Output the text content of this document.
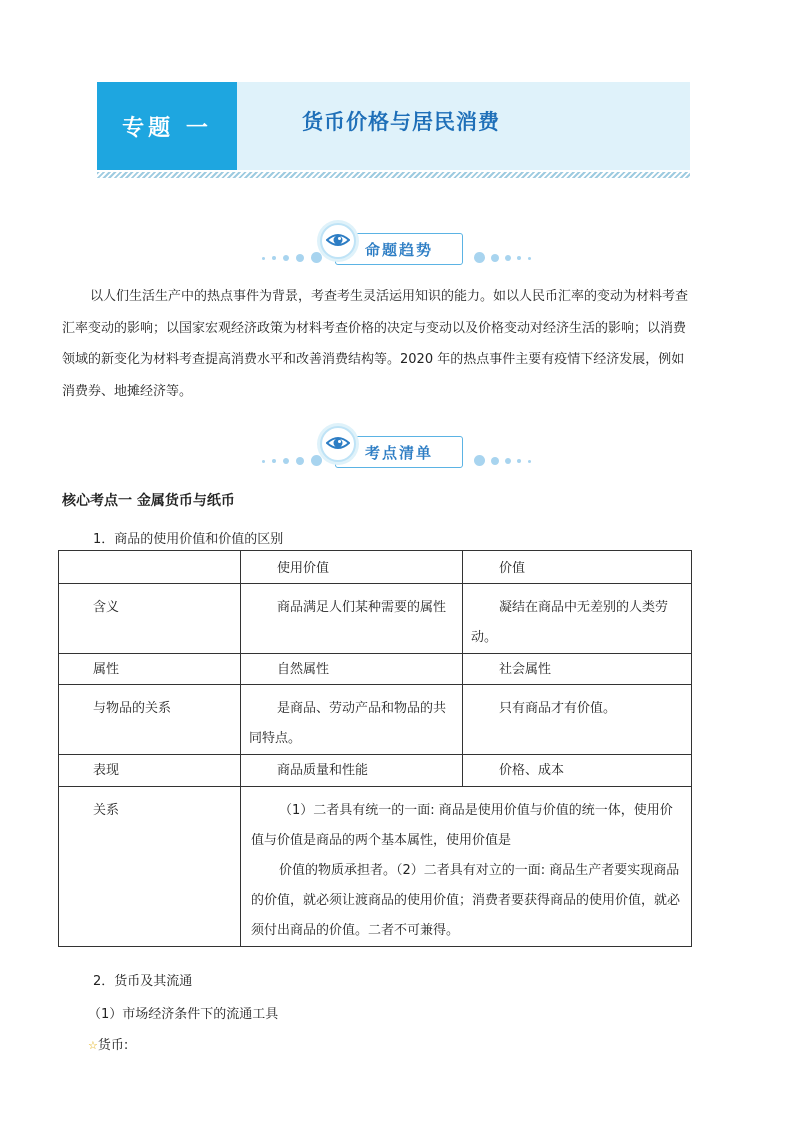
专题 一	货币价格与居民消费
命题趋势

以人们生活生产中的热点事件为背景，考查考生灵活运用知识的能力。如以人民币汇率的变动为材料考查

汇率变动的影响；以国家宏观经济政策为材料考查价格的决定与变动以及价格变动对经济生活的影响；以消费

领域的新变化为材料考查提高消费水平和改善消费结构等。2020 年的热点事件主要有疫情下经济发展，例如

消费券、地摊经济等。

考点清单
核心考点一 金属货币与纸币
1．商品的使用价值和价值的区别

	使用价值	价值

含义	商品满足人们某种需要的属性	凝结在商品中无差别的人类劳动。

属性	自然属性	社会属性

与物品的关系	是商品、劳动产品和物品的共同特点。	只有商品才有价值。

表现	商品质量和性能	价格、成本

关系	（1）二者具有统一的一面: 商品是使用价值与价值的统一体，使用价值与价值是商品的两个基本属性，使用价值是
价值的物质承担者。（2）二者具有对立的一面: 商品生产者要实现商品的价值，就必须让渡商品的使用价值；消费者要获得商品的使用价值，就必须付出商品的价值。二者不可兼得。	
2．货币及其流通
（1）市场经济条件下的流通工具
☆货币:
